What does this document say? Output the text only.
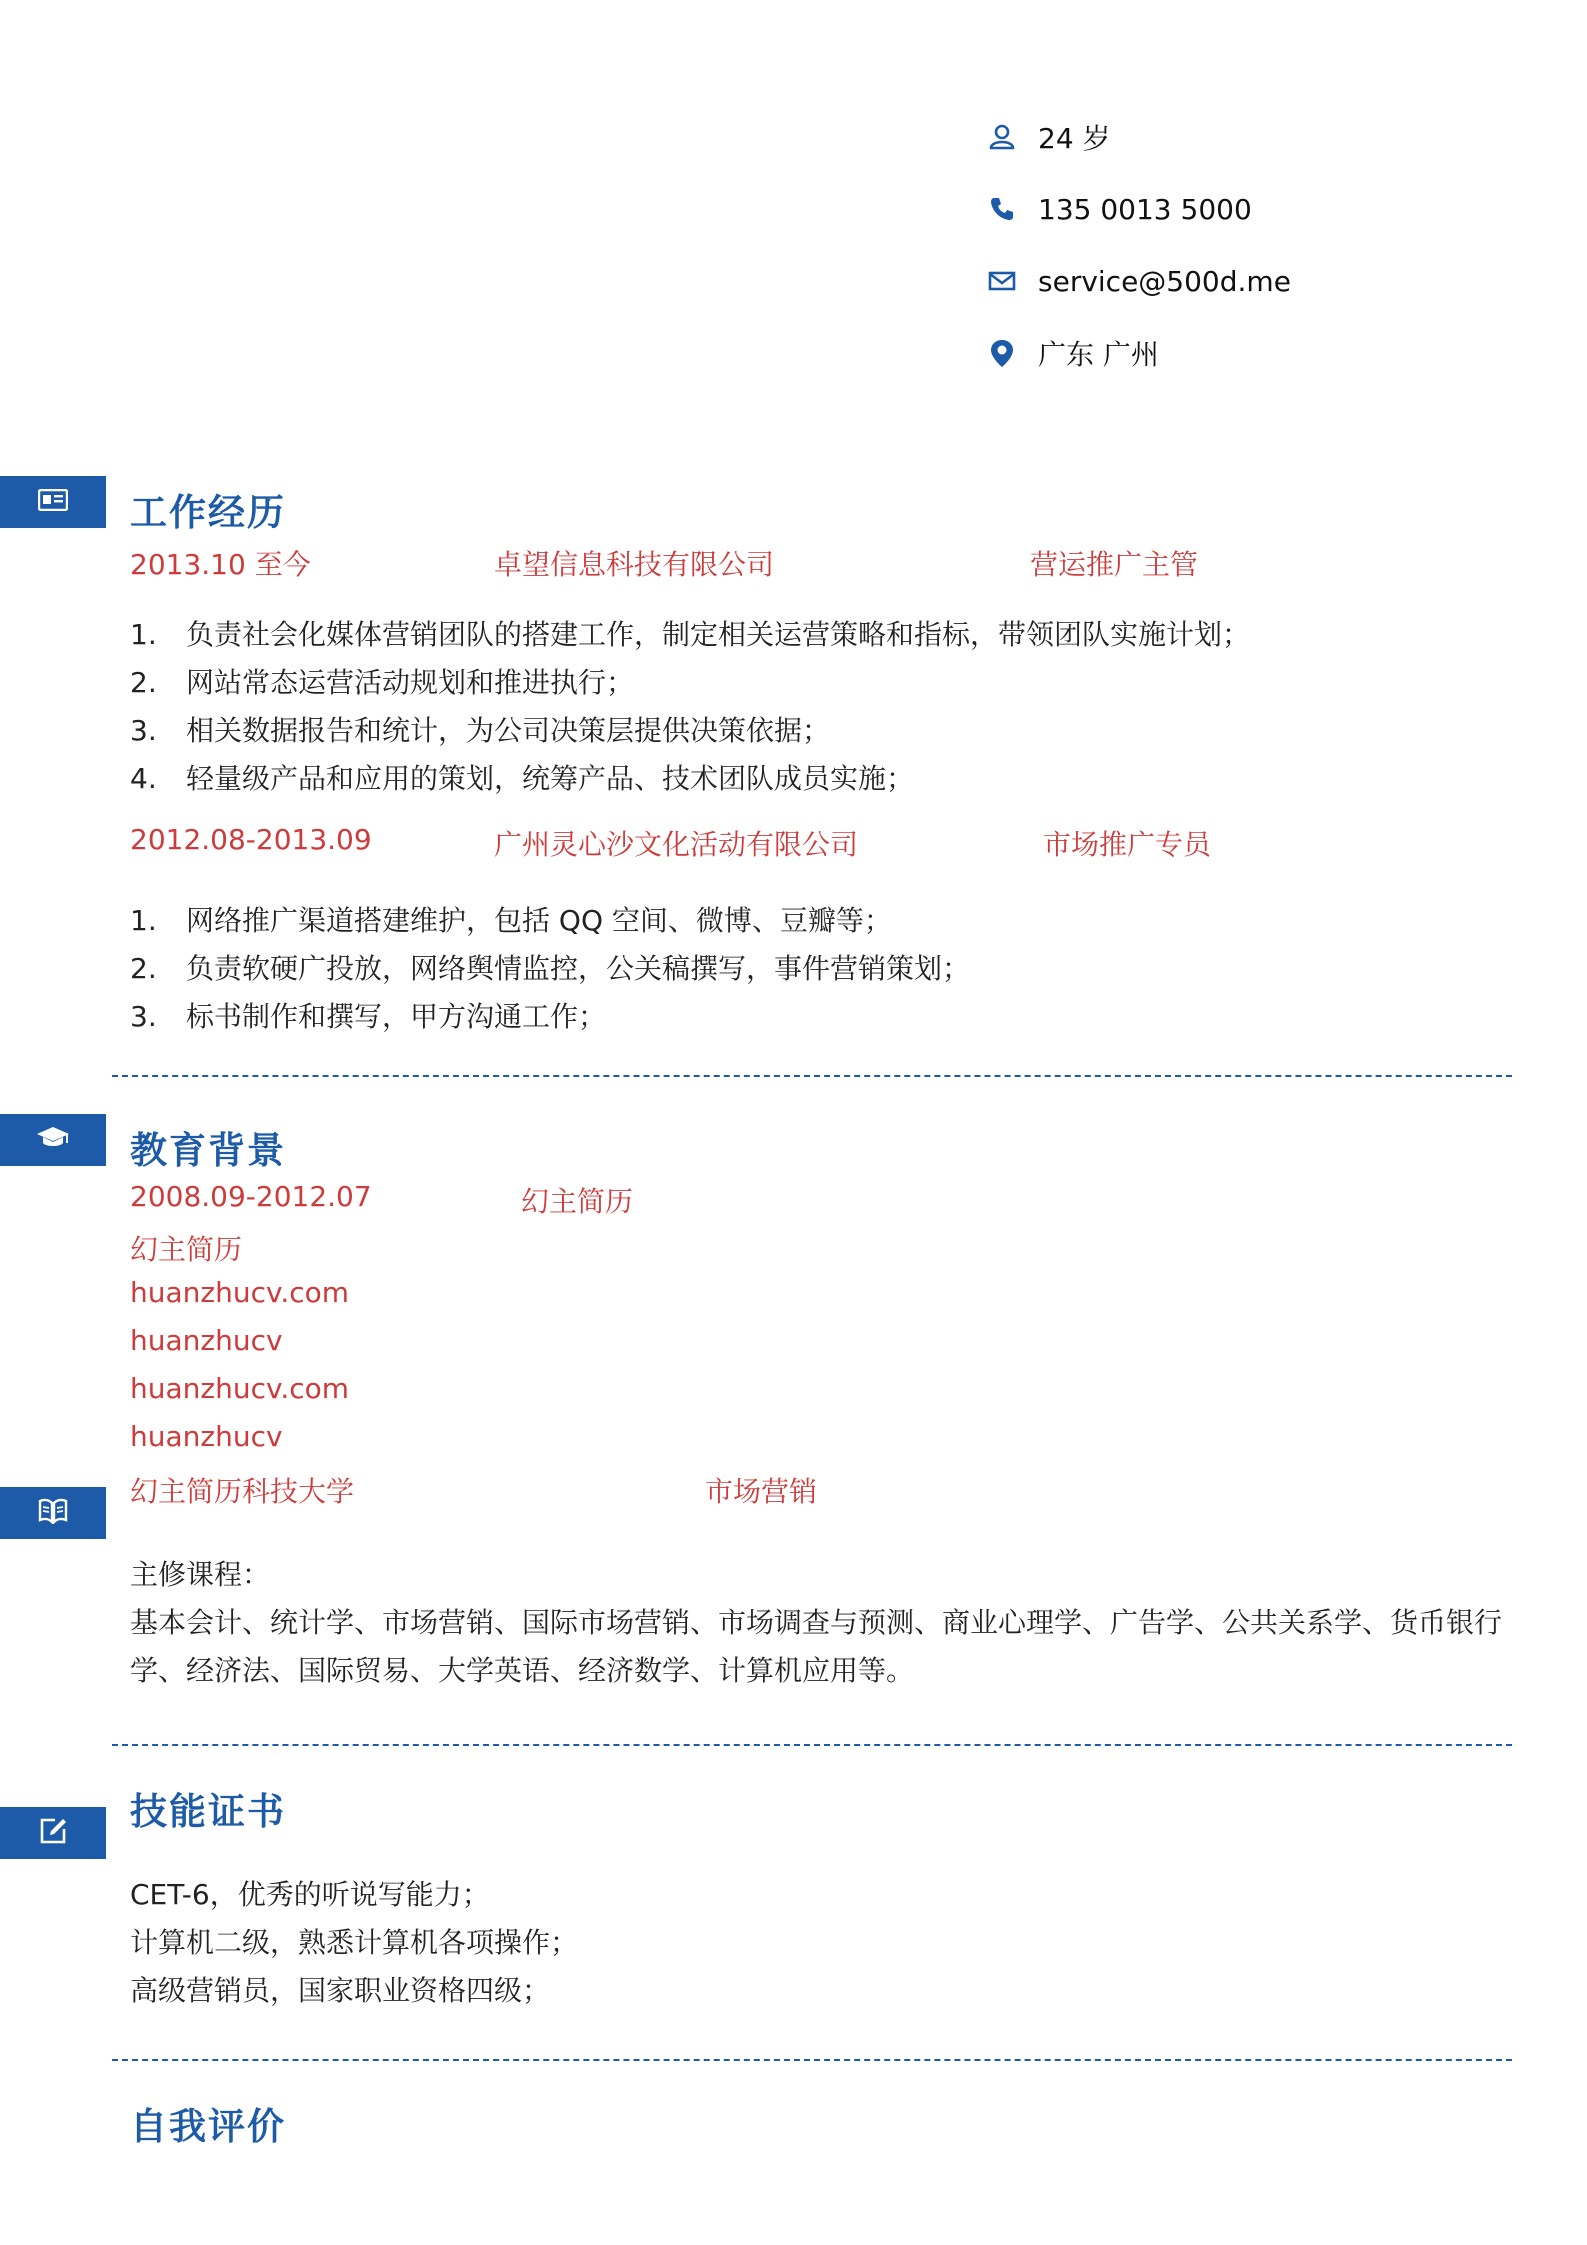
24 岁
135 0013 5000
service@500d.me
广东 广州
工作经历
2013.10 至今	卓望信息科技有限公司	营运推广主管
1. 负责社会化媒体营销团队的搭建工作，制定相关运营策略和指标，带领团队实施计划；
2. 网站常态运营活动规划和推进执行；
3. 相关数据报告和统计，为公司决策层提供决策依据；
4. 轻量级产品和应用的策划，统筹产品、技术团队成员实施；
2012.08-2013.09	广州灵心沙文化活动有限公司	市场推广专员
1. 网络推广渠道搭建维护，包括 QQ 空间、微博、豆瓣等；
2. 负责软硬广投放，网络舆情监控，公关稿撰写，事件营销策划；
3. 标书制作和撰写，甲方沟通工作；
教育背景
2008.09-2012.07	幻主简历
幻主简历
huanzhucv.com
huanzhucv
huanzhucv.com
huanzhucv
幻主简历科技大学	市场营销
主修课程：
基本会计、统计学、市场营销、国际市场营销、市场调查与预测、商业心理学、广告学、公共关系学、货币银行
学、经济法、国际贸易、大学英语、经济数学、计算机应用等。
技能证书
CET-6，优秀的听说写能力；
计算机二级，熟悉计算机各项操作；
高级营销员，国家职业资格四级；
自我评价
